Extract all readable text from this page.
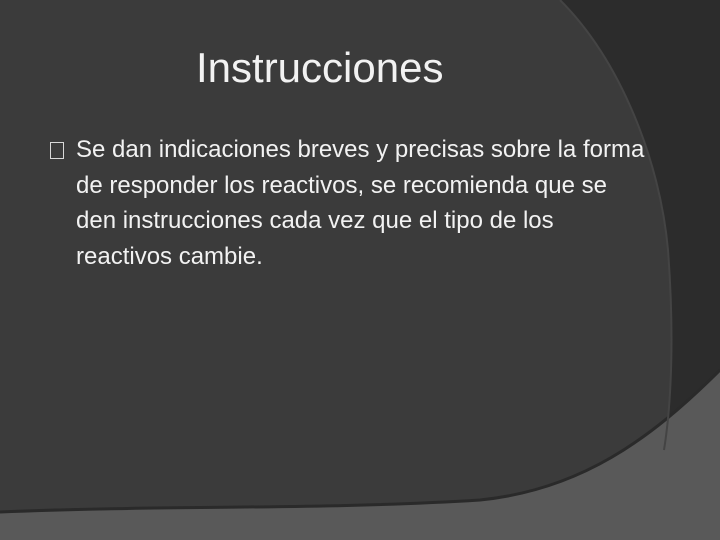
Instrucciones
Se dan indicaciones breves y precisas sobre la forma de responder los reactivos, se recomienda que se den instrucciones cada vez que el tipo de los reactivos cambie.
